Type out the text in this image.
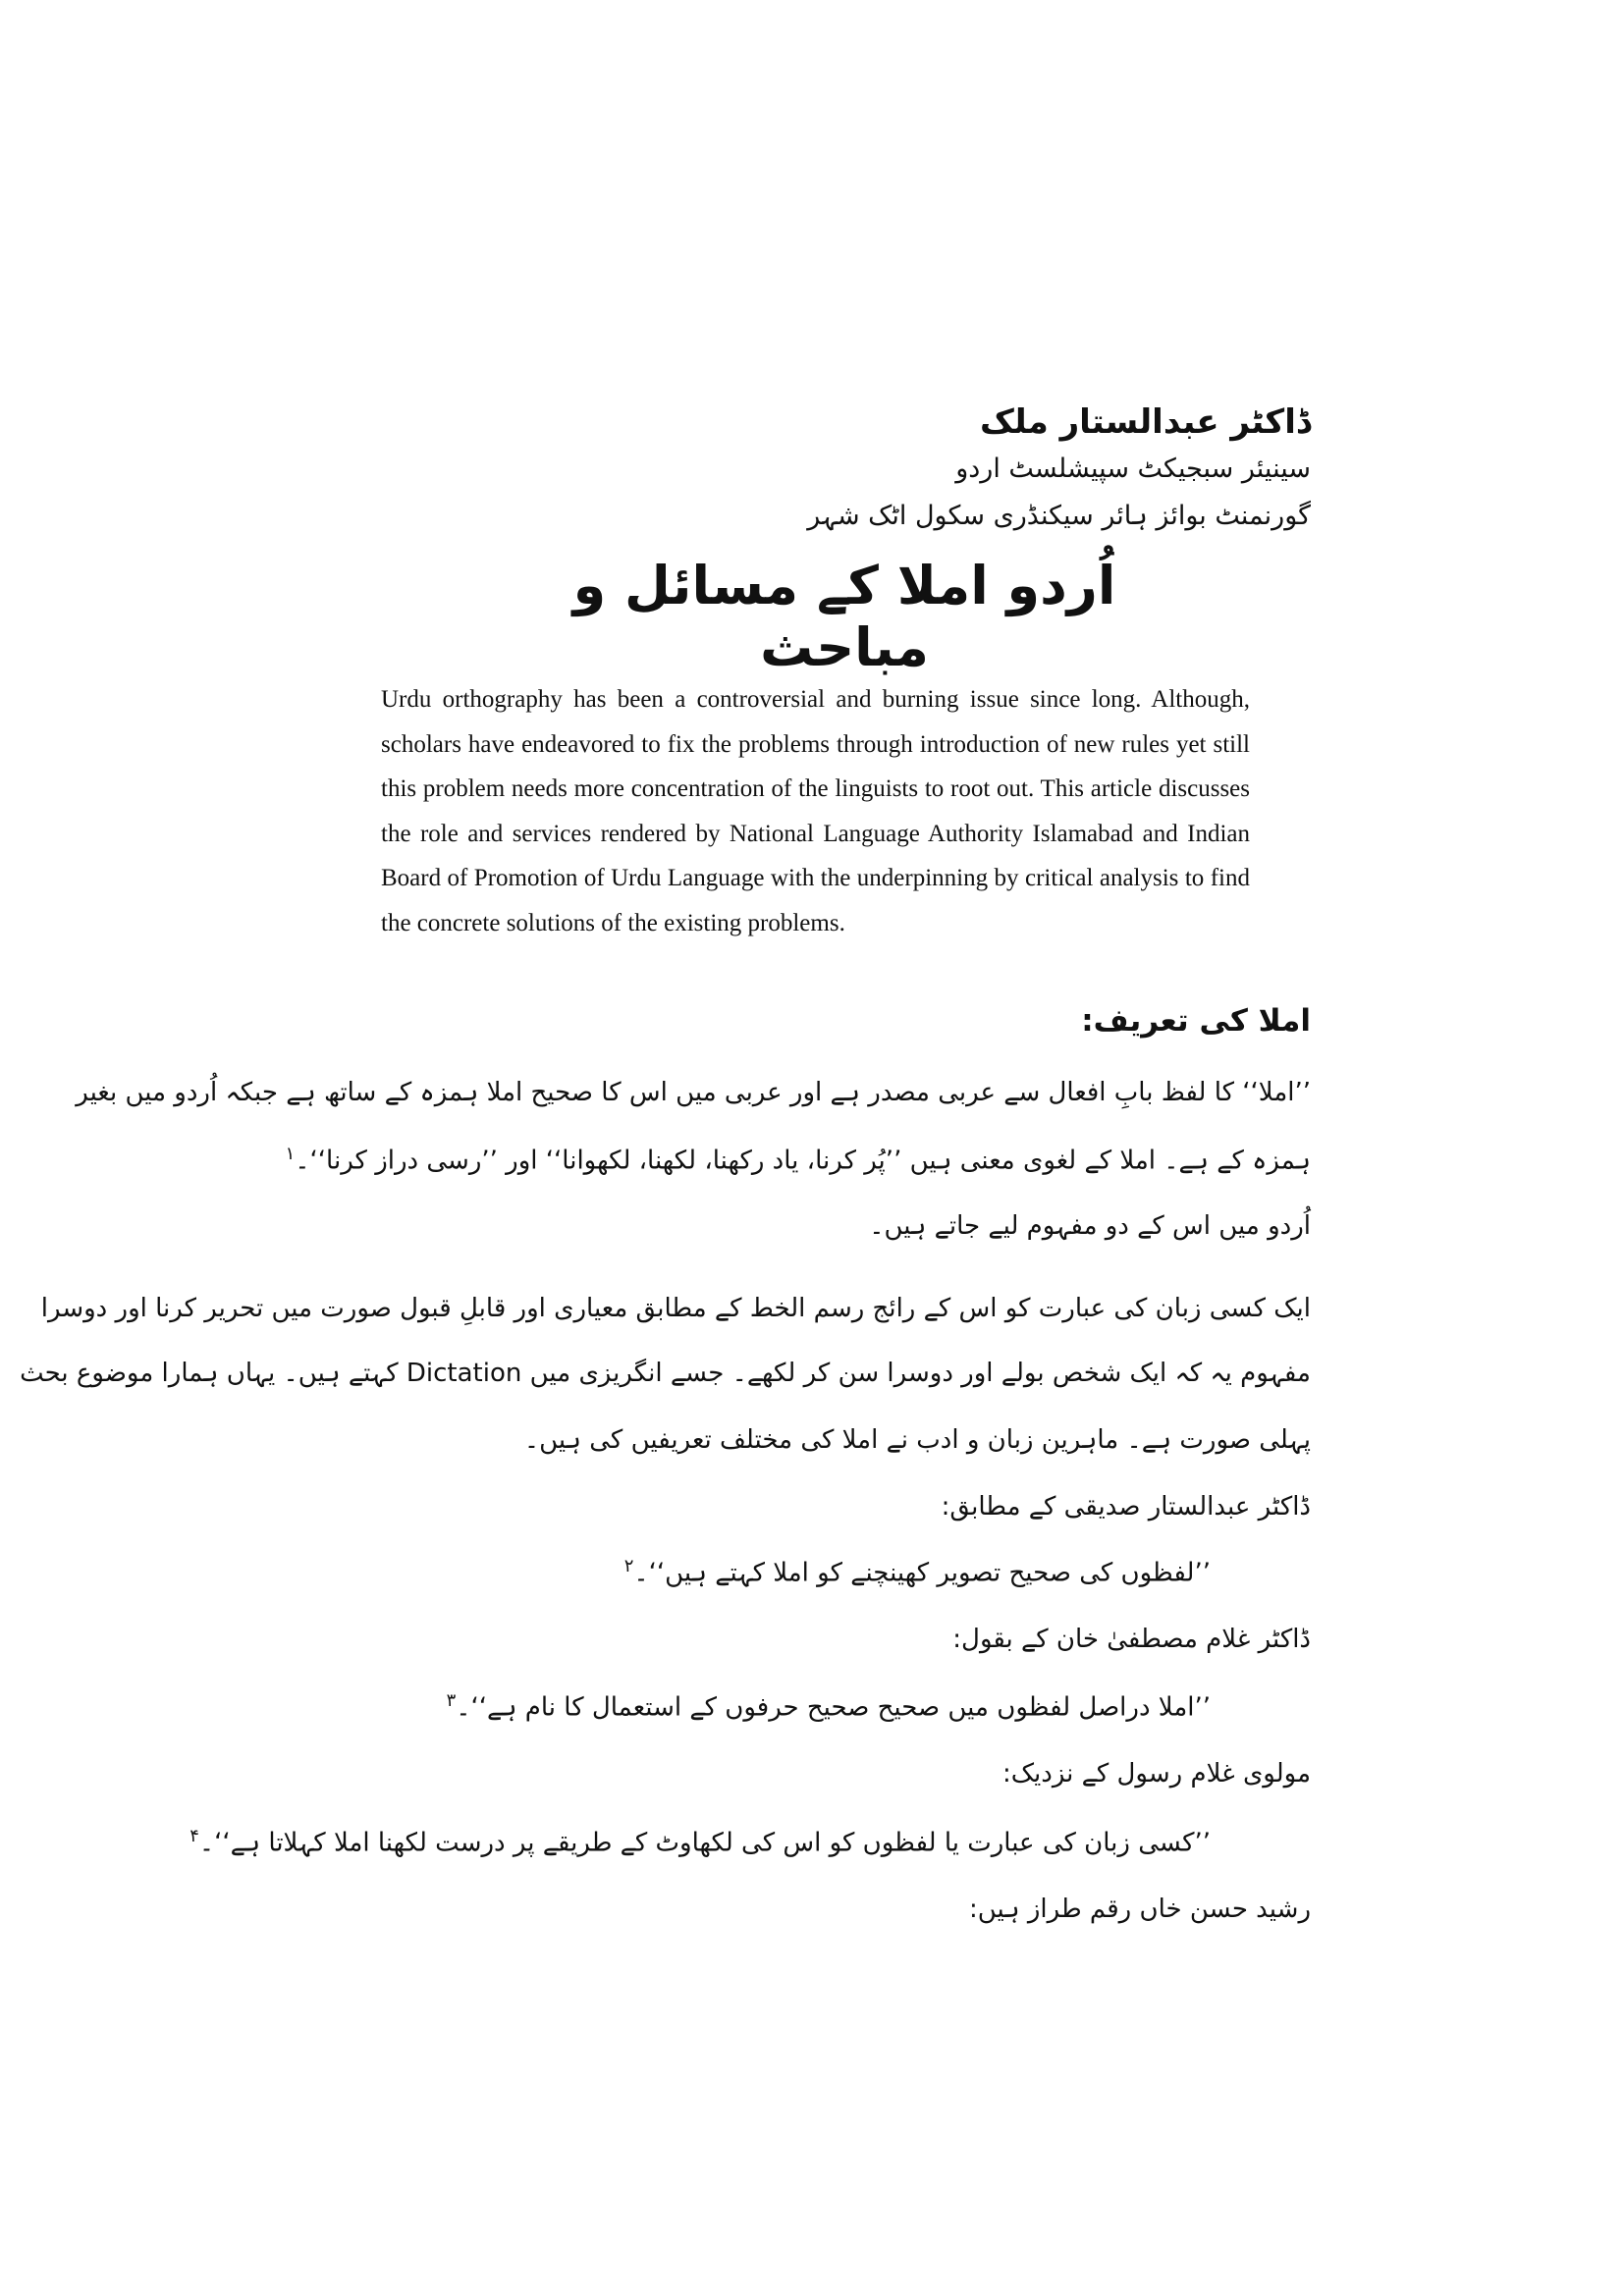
ڈاکٹر عبدالستار ملک
سینیئر سبجیکٹ سپیشلسٹ اردو
گورنمنٹ بوائز ہائر سیکنڈری سکول اٹک شہر
اُردو املا کے مسائل و مباحث
Urdu orthography has been a controversial and burning issue since long. Although, scholars have endeavored to fix the problems through introduction of new rules yet still this problem needs more concentration of the linguists to root out. This article discusses the role and services rendered by National Language Authority Islamabad and Indian Board of Promotion of Urdu Language with the underpinning by critical analysis to find the concrete solutions of the existing problems.
املا کی تعریف:
’’املا‘‘ کا لفظ بابِ افعال سے عربی مصدر ہے اور عربی میں اس کا صحیح املا ہمزہ کے ساتھ ہے جبکہ اُردو میں بغیر
ہمزہ کے ہے۔ املا کے لغوی معنی ہیں ’’پُر کرنا، یاد رکھنا، لکھنا، لکھوانا‘‘ اور ’’رسی دراز کرنا‘‘۔$^۱$
اُردو میں اس کے دو مفہوم لیے جاتے ہیں۔
ایک کسی زبان کی عبارت کو اس کے رائج رسم الخط کے مطابق معیاری اور قابلِ قبول صورت میں تحریر کرنا اور دوسرا
مفہوم یہ کہ ایک شخص بولے اور دوسرا سن کر لکھے۔ جسے انگریزی میں Dictation کہتے ہیں۔ یہاں ہمارا موضوع بحث
پہلی صورت ہے۔ ماہرین زبان و ادب نے املا کی مختلف تعریفیں کی ہیں۔
ڈاکٹر عبدالستار صدیقی کے مطابق:
’’لفظوں کی صحیح تصویر کھینچنے کو املا کہتے ہیں‘‘۔$^۲$
ڈاکٹر غلام مصطفیٰ خان کے بقول:
’’املا دراصل لفظوں میں صحیح صحیح حرفوں کے استعمال کا نام ہے‘‘۔$^۳$
مولوی غلام رسول کے نزدیک:
’’کسی زبان کی عبارت یا لفظوں کو اس کی لکھاوٹ کے طریقے پر درست لکھنا املا کہلاتا ہے‘‘۔$^۴$
رشید حسن خاں رقم طراز ہیں:
